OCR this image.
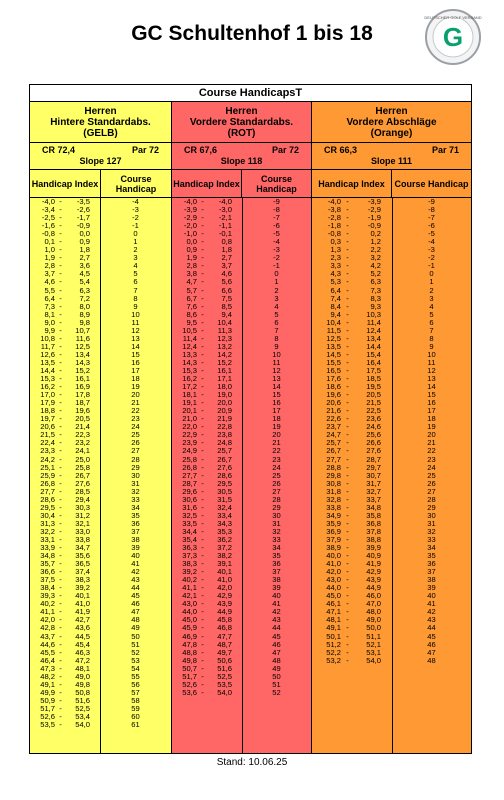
GC Schultenhof 1 bis 18	G
DEUTSCHER GOLF VERBAND
Course HandicapsT
Herren
Hintere Standardabs.
(GELB)
CR 72,4	Par 72
Slope 127
Handicap Index	Course Handicap
-4,0 -	-3,5	-4
-3,4 -	-2,6	-3
-2,5 -	-1,7	-2
-1,6 -	-0,9	-1
-0,8 -	0,0	0
0,1 -	0,9	1
1,0 -	1,8	2
1,9 -	2,7	3
2,8 -	3,6	4
3,7 -	4,5	5
4,6 -	5,4	6
5,5 -	6,3	7
6,4 -	7,2	8
7,3 -	8,0	9
8,1 -	8,9	10
9,0 -	9,8	11
9,9 -	10,7	12
10,8 -	11,6	13
11,7 -	12,5	14
12,6 -	13,4	15
13,5 -	14,3	16
14,4 -	15,2	17
15,3 -	16,1	18
16,2 -	16,9	19
17,0 -	17,8	20
17,9 -	18,7	21
18,8 -	19,6	22
19,7 -	20,5	23
20,6 -	21,4	24
21,5 -	22,3	25
22,4 -	23,2	26
23,3 -	24,1	27
24,2 -	25,0	28
25,1 -	25,8	29
25,9 -	26,7	30
26,8 -	27,6	31
27,7 -	28,5	32
28,6 -	29,4	33
29,5 -	30,3	34
30,4 -	31,2	35
31,3 -	32,1	36
32,2 -	33,0	37
33,1 -	33,8	38
33,9 -	34,7	39
34,8 -	35,6	40
35,7 -	36,5	41
36,6 -	37,4	42
37,5 -	38,3	43
38,4 -	39,2	44
39,3 -	40,1	45
40,2 -	41,0	46
41,1 -	41,9	47
42,0 -	42,7	48
42,8 -	43,6	49
43,7 -	44,5	50
44,6 -	45,4	51
45,5 -	46,3	52
46,4 -	47,2	53
47,3 -	48,1	54
48,2 -	49,0	55
49,1 -	49,8	56
49,9 -	50,8	57
50,9 -	51,6	58
51,7 -	52,5	59
52,6 -	53,4	60
53,5 -	54,0	61
Herren
Vordere Standardabs.
(ROT)
CR 67,6	Par 72
Slope 118
Handicap Index	Course Handicap
-4,0 -	-4,0	-9
-3,9 -	-3,0	-8
-2,9 -	-2,1	-7
-2,0 -	-1,1	-6
-1,0 -	-0,1	-5
0,0 -	0,8	-4
0,9 -	1,8	-3
1,9 -	2,7	-2
2,8 -	3,7	-1
3,8 -	4,6	0
4,7 -	5,6	1
5,7 -	6,6	2
6,7 -	7,5	3
7,6 -	8,5	4
8,6 -	9,4	5
9,5 -	10,4	6
10,5 -	11,3	7
11,4 -	12,3	8
12,4 -	13,2	9
13,3 -	14,2	10
14,3 -	15,2	11
15,3 -	16,1	12
16,2 -	17,1	13
17,2 -	18,0	14
18,1 -	19,0	15
19,1 -	20,0	16
20,1 -	20,9	17
21,0 -	21,9	18
22,0 -	22,8	19
22,9 -	23,8	20
23,9 -	24,8	21
24,9 -	25,7	22
25,8 -	26,7	23
26,8 -	27,6	24
27,7 -	28,6	25
28,7 -	29,5	26
29,6 -	30,5	27
30,6 -	31,5	28
31,6 -	32,4	29
32,5 -	33,4	30
33,5 -	34,3	31
34,4 -	35,3	32
35,4 -	36,2	33
36,3 -	37,2	34
37,3 -	38,2	35
38,3 -	39,1	36
39,2 -	40,1	37
40,2 -	41,0	38
41,1 -	42,0	39
42,1 -	42,9	40
43,0 -	43,9	41
44,0 -	44,9	42
45,0 -	45,8	43
45,9 -	46,8	44
46,9 -	47,7	45
47,8 -	48,7	46
48,8 -	49,7	47
49,8 -	50,6	48
50,7 -	51,6	49
51,7 -	52,5	50
52,6 -	53,5	51
53,6 -	54,0	52
Herren
Vordere Abschläge
(Orange)
CR 66,3	Par 71
Slope 111
Handicap Index	Course Handicap
-4,0 -	-3,9	-9
-3,8 -	-2,9	-8
-2,8 -	-1,9	-7
-1,8 -	-0,9	-6
-0,8 -	0,2	-5
0,3 -	1,2	-4
1,3 -	2,2	-3
2,3 -	3,2	-2
3,3 -	4,2	-1
4,3 -	5,2	0
5,3 -	6,3	1
6,4 -	7,3	2
7,4 -	8,3	3
8,4 -	9,3	4
9,4 -	10,3	5
10,4 -	11,4	6
11,5 -	12,4	7
12,5 -	13,4	8
13,5 -	14,4	9
14,5 -	15,4	10
15,5 -	16,4	11
16,5 -	17,5	12
17,6 -	18,5	13
18,6 -	19,5	14
19,6 -	20,5	15
20,6 -	21,5	16
21,6 -	22,5	17
22,6 -	23,6	18
23,7 -	24,6	19
24,7 -	25,6	20
25,7 -	26,6	21
26,7 -	27,6	22
27,7 -	28,7	23
28,8 -	29,7	24
29,8 -	30,7	25
30,8 -	31,7	26
31,8 -	32,7	27
32,8 -	33,7	28
33,8 -	34,8	29
34,9 -	35,8	30
35,9 -	36,8	31
36,9 -	37,8	32
37,9 -	38,8	33
38,9 -	39,9	34
40,0 -	40,9	35
41,0 -	41,9	36
42,0 -	42,9	37
43,0 -	43,9	38
44,0 -	44,9	39
45,0 -	46,0	40
46,1 -	47,0	41
47,1 -	48,0	42
48,1 -	49,0	43
49,1 -	50,0	44
50,1 -	51,1	45
51,2 -	52,1	46
52,2 -	53,1	47
53,2 -	54,0	48
Stand: 10.06.25
